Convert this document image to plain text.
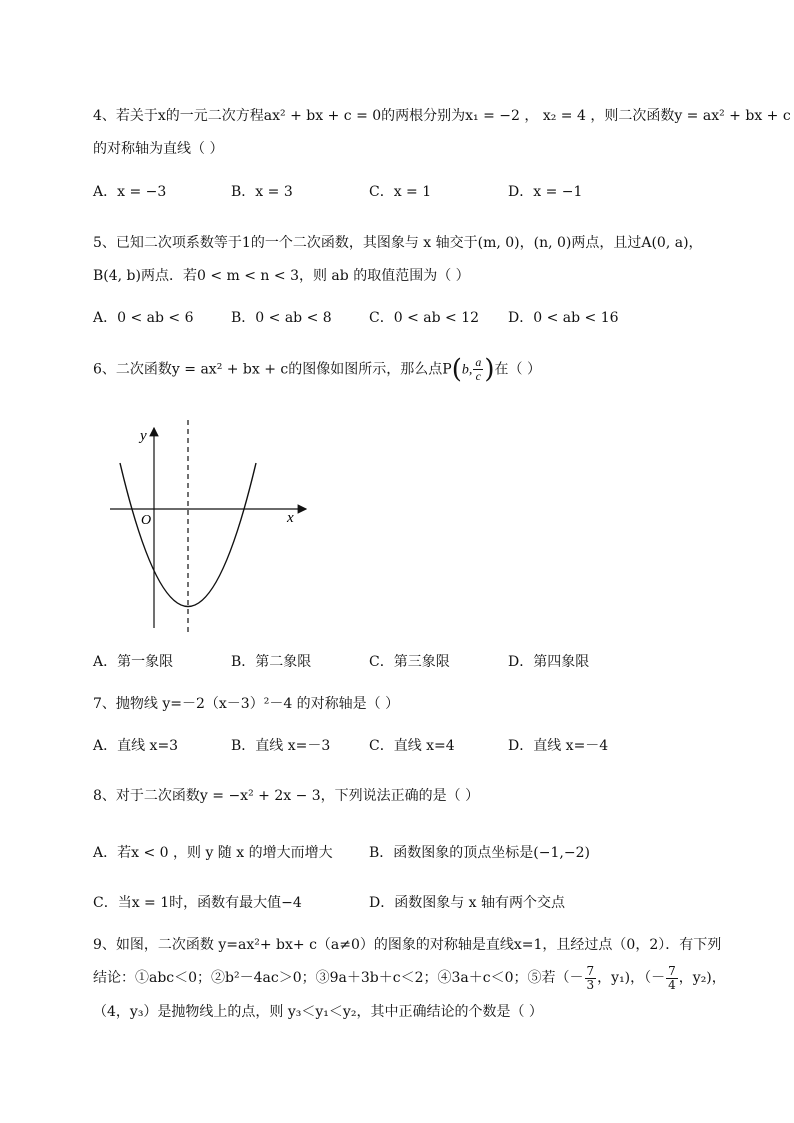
4、若关于x的一元二次方程ax² + bx + c = 0的两根分别为x₁ = −2 ， x₂ = 4 ，则二次函数y = ax² + bx + c
的对称轴为直线（ ）
A．x = −3	B．x = 3	C．x = 1	D．x = −1
5、已知二次项系数等于1的一个二次函数，其图象与 x 轴交于(m, 0)，(n, 0)两点，且过A(0, a)，
B(4, b)两点．若0 < m < n < 3，则 ab 的取值范围为（ ）
A．0 < ab < 6	B．0 < ab < 8	C．0 < ab < 12 D．0 < ab < 16
6、二次函数y = ax² + bx + c的图像如图所示，那么点P(b, $\frac{a}{c}$ )在（ ）
y
x
O
A．第一象限	B．第二象限	C．第三象限	D．第四象限
7、抛物线 y=－2（x－3）²－4 的对称轴是（ ）
A．直线 x=3	B．直线 x=－3	C．直线 x=4	D．直线 x=－4
8、对于二次函数y = −x² + 2x − 3，下列说法正确的是（ ）
A．若x < 0 ，则 y 随 x 的增大而增大	B．函数图象的顶点坐标是(−1,−2)
C．当x = 1时，函数有最大值−4	D．函数图象与 x 轴有两个交点
9、如图，二次函数 y=ax²+ bx+ c（a≠0）的图象的对称轴是直线x=1，且经过点（0，2）．有下列
结论：①abc＜0；②b²－4ac＞0；③9a＋3b＋c＜2；④3a＋c＜0；⑤若（－ $\frac{7}{3}$ ，y₁)，（－ $\frac{7}{4}$ ，y₂)，
（4，y₃）是抛物线上的点，则 y₃＜y₁＜y₂，其中正确结论的个数是（ ）
